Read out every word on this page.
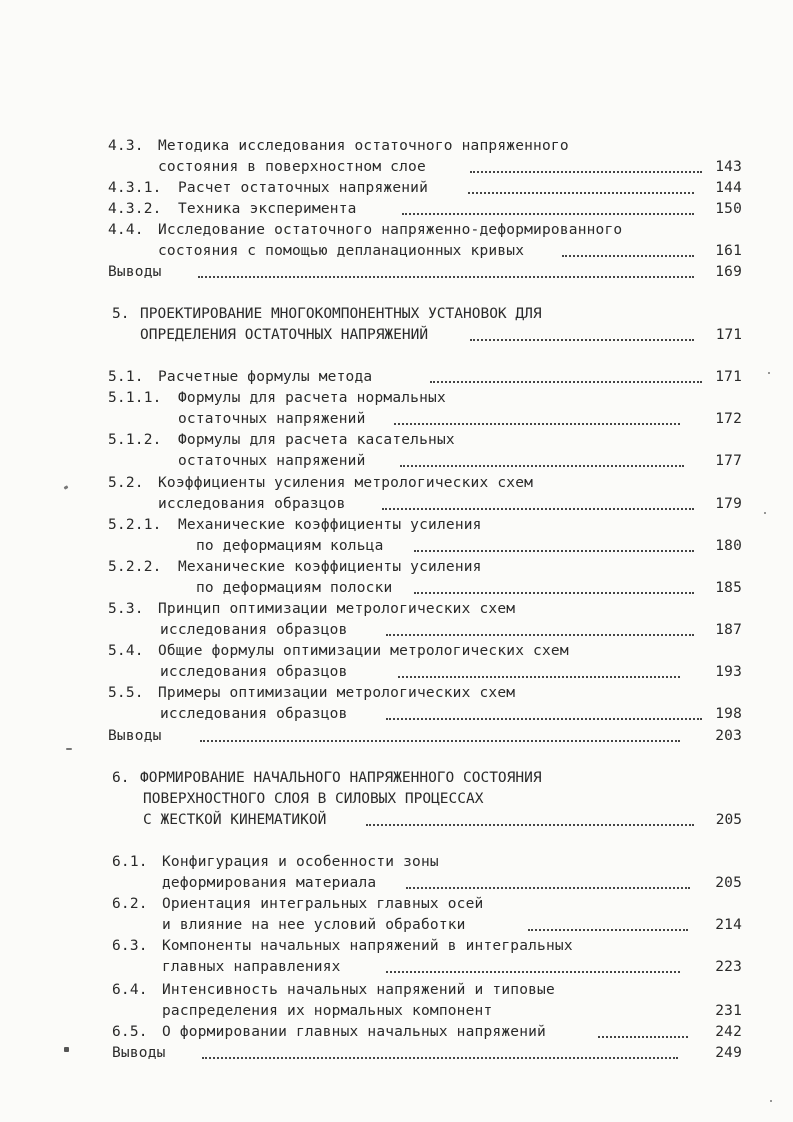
4.3. Методика исследования остаточного напряженного
состояния в поверхностном слое	143
4.3.1. Расчет остаточных напряжений	144
4.3.2. Техника эксперимента	150
4.4. Исследование остаточного напряженно-деформированного
состояния с помощью депланационных кривых	161
Выводы	169
5. ПРОЕКТИРОВАНИЕ МНОГОКОМПОНЕНТНЫХ УСТАНОВОК ДЛЯ
ОПРЕДЕЛЕНИЯ ОСТАТОЧНЫХ НАПРЯЖЕНИЙ	171
5.1. Расчетные формулы метода	171
5.1.1. Формулы для расчета нормальных
остаточных напряжений	172
5.1.2. Формулы для расчета касательных
остаточных напряжений	177
5.2. Коэффициенты усиления метрологических схем
исследования образцов	179
5.2.1. Механические коэффициенты усиления
по деформациям кольца	180
5.2.2. Механические коэффициенты усиления
по деформациям полоски	185
5.3. Принцип оптимизации метрологических схем
исследования образцов	187
5.4. Общие формулы оптимизации метрологических схем
исследования образцов	193
5.5. Примеры оптимизации метрологических схем
исследования образцов	198
Выводы	203
6. ФОРМИРОВАНИЕ НАЧАЛЬНОГО НАПРЯЖЕННОГО СОСТОЯНИЯ
ПОВЕРХНОСТНОГО СЛОЯ В СИЛОВЫХ ПРОЦЕССАХ
С ЖЕСТКОЙ КИНЕМАТИКОЙ	205
6.1. Конфигурация и особенности зоны
деформирования материала	205
6.2. Ориентация интегральных главных осей
и влияние на нее условий обработки	214
6.3. Компоненты начальных напряжений в интегральных
главных направлениях	223
6.4. Интенсивность начальных напряжений и типовые
распределения их нормальных компонент	231
6.5. О формировании главных начальных напряжений	242
Выводы	249
